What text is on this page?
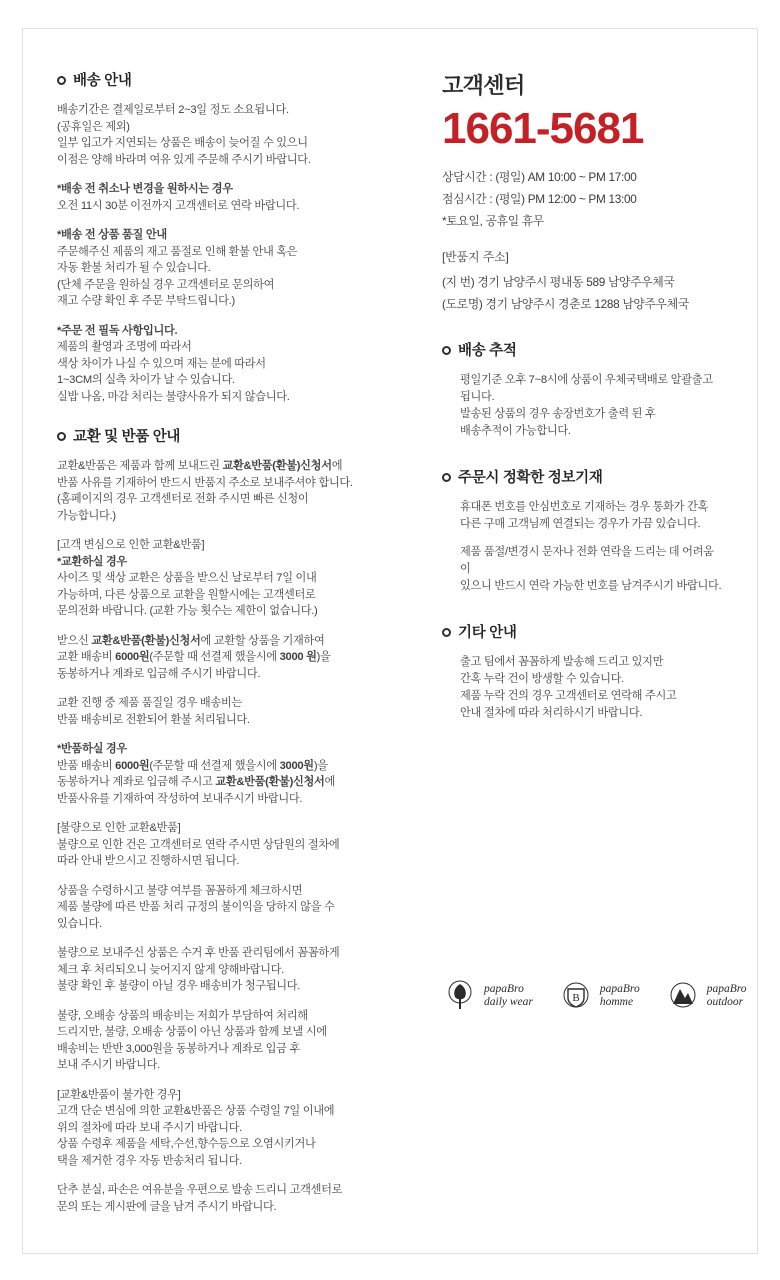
배송 안내

배송기간은 결제일로부터 2~3일 정도 소요됩니다.

(공휴일은 제외)

일부 입고가 지연되는 상품은 배송이 늦어질 수 있으니

이점은 양해 바라며 여유 있게 주문해 주시기 바랍니다.

*배송 전 취소나 변경을 원하시는 경우

오전 11시 30분 이전까지 고객센터로 연락 바랍니다.

*배송 전 상품 품질 안내

주문해주신 제품의 재고 품절로 인해 환불 안내 혹은

자동 환불 처리가 될 수 있습니다.

(단체 주문을 원하실 경우 고객센터로 문의하여

재고 수량 확인 후 주문 부탁드립니다.)

*주문 전 필독 사항입니다.

제품의 촬영과 조명에 따라서

색상 차이가 나실 수 있으며 재는 분에 따라서

1~3CM의 실측 차이가 날 수 있습니다.

실밥 나옴, 마감 처리는 불량사유가 되지 않습니다.

교환 및 반품 안내

교환&반품은 제품과 함께 보내드린 교환&반품(환불)신청서에

반품 사유를 기재하어 반드시 반품지 주소로 보내주셔야 합니다.

(홈페이지의 경우 고객센터로 전화 주시면 빠른 신청이

가능합니다.)

[고객 변심으로 인한 교환&반품]

*교환하실 경우

사이즈 및 색상 교환은 상품을 받으신 날로부터 7일 이내

가능하며, 다른 상품으로 교환을 원할시에는 고객센터로

문의전화 바랍니다. (교환 가능 횟수는 제한이 없습니다.)

받으신 교환&반품(환불)신청서에 교환할 상품을 기재하여

교환 배송비 6000원(주문할 때 선결제 했을시에 3000 원)을

동봉하거나 계좌로 입금해 주시기 바랍니다.

교환 진행 중 제품 품질일 경우 배송비는

반품 배송비로 전환되어 환불 처리됩니다.

*반품하실 경우

반품 배송비 6000원(주문할 때 선결제 했을시에 3000원)을

동봉하거나 계좌로 입금해 주시고 교환&반품(환불)신청서에

반품사유를 기재하여 작성하여 보내주시기 바랍니다.

[불량으로 인한 교환&반품]

불량으로 인한 건은 고객센터로 연락 주시면 상담원의 절차에

따라 안내 받으시고 진행하시면 됩니다.

상품을 수령하시고 불량 여부를 꼼꼼하게 체크하시면

제품 불량에 따른 반품 처리 규정의 불이익을 당하지 않을 수

있습니다.

불량으로 보내주신 상품은 수거 후 반품 관리팀에서 꼼꼼하게

체크 후 처리되오니 늦어지지 않게 양해바랍니다.

불량 확인 후 불량이 아닐 경우 배송비가 청구됩니다.

불량, 오배송 상품의 배송비는 저희가 부담하여 처리해

드리지만, 불량, 오배송 상품이 아닌 상품과 함께 보낼 시에

배송비는 반반 3,000원을 동봉하거나 계좌로 입금 후

보내 주시기 바랍니다.

[교환&반품이 불가한 경우]

고객 단순 변심에 의한 교환&반품은 상품 수령일 7일 이내에

위의 절차에 따라 보내 주시기 바랍니다.

상품 수령후 제품을 세탁,수선,향수등으로 오염시키거나

택을 제거한 경우 자동 반송처리 됩니다.

단추 분실, 파손은 여유분을 우편으로 발송 드리니 고객센터로

문의 또는 게시판에 글을 남겨 주시기 바랍니다.

고객센터

1661-5681

상담시간 : (평일) AM 10:00 ~ PM 17:00

점심시간 : (평일) PM 12:00 ~ PM 13:00

*토요일, 공휴일 휴무

[반품지 주소]

(지 번) 경기 남양주시 평내동 589 남양주우체국

(도로명) 경기 남양주시 경춘로 1288 남양주우체국

배송 추적

평일기준 오후 7~8시에 상품이 우체국택배로 알괄출고 됩니다.

발송된 상품의 경우 송장번호가 출력 된 후

배송추적이 가능합니다.

주문시 정확한 정보기재

휴대폰 번호를 안심번호로 기재하는 경우 통화가 간혹

다른 구매 고객님께 연결되는 경우가 가끔 있습니다.

제품 품절/변경시 문자나 전화 연락을 드리는 데 어려움이

있으니 반드시 연락 가능한 번호를 남겨주시기 바랍니다.

기타 안내

출고 팀에서 꼼꼼하게 발송해 드리고 있지만

간혹 누락 건이 방생할 수 있습니다.

제품 누락 건의 경우 고객센터로 연락해 주시고

안내 절차에 따라 처리하시기 바랍니다.

papaBro
daily wear	B
papaBro
homme
papaBro
outdoor
